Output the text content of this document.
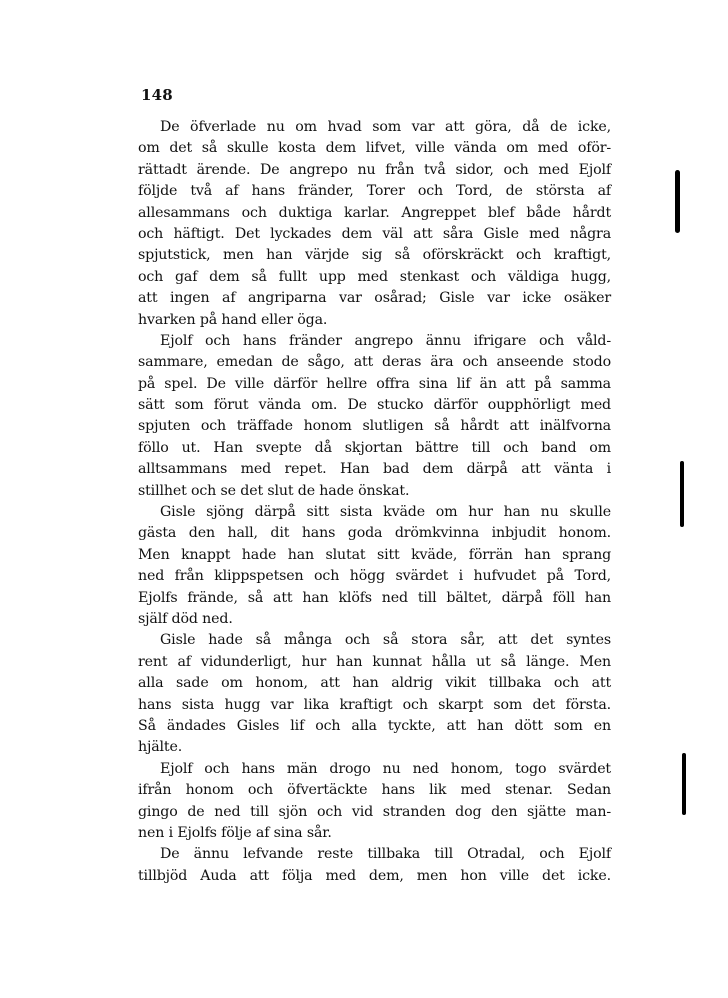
148
De öfverlade nu om hvad som var att göra, då de icke,
om det så skulle kosta dem lifvet, ville vända om med oför-
rättadt ärende. De angrepo nu från två sidor, och med Ejolf
följde två af hans fränder, Torer och Tord, de största af
allesammans och duktiga karlar. Angreppet blef både hårdt
och häftigt. Det lyckades dem väl att såra Gisle med några
spjutstick, men han värjde sig så oförskräckt och kraftigt,
och gaf dem så fullt upp med stenkast och väldiga hugg,
att ingen af angriparna var osårad; Gisle var icke osäker
hvarken på hand eller öga.
Ejolf och hans fränder angrepo ännu ifrigare och våld-
sammare, emedan de sågo, att deras ära och anseende stodo
på spel. De ville därför hellre offra sina lif än att på samma
sätt som förut vända om. De stucko därför oupphörligt med
spjuten och träffade honom slutligen så hårdt att inälfvorna
föllo ut. Han svepte då skjortan bättre till och band om
alltsammans med repet. Han bad dem därpå att vänta i
stillhet och se det slut de hade önskat.
Gisle sjöng därpå sitt sista kväde om hur han nu skulle
gästa den hall, dit hans goda drömkvinna inbjudit honom.
Men knappt hade han slutat sitt kväde, förrän han sprang
ned från klippspetsen och högg svärdet i hufvudet på Tord,
Ejolfs frände, så att han klöfs ned till bältet, därpå föll han
själf död ned.
Gisle hade så många och så stora sår, att det syntes
rent af vidunderligt, hur han kunnat hålla ut så länge. Men
alla sade om honom, att han aldrig vikit tillbaka och att
hans sista hugg var lika kraftigt och skarpt som det första.
Så ändades Gisles lif och alla tyckte, att han dött som en
hjälte.
Ejolf och hans män drogo nu ned honom, togo svärdet
ifrån honom och öfvertäckte hans lik med stenar. Sedan
gingo de ned till sjön och vid stranden dog den sjätte man-
nen i Ejolfs följe af sina sår.
De ännu lefvande reste tillbaka till Otradal, och Ejolf
tillbjöd Auda att följa med dem, men hon ville det icke.
